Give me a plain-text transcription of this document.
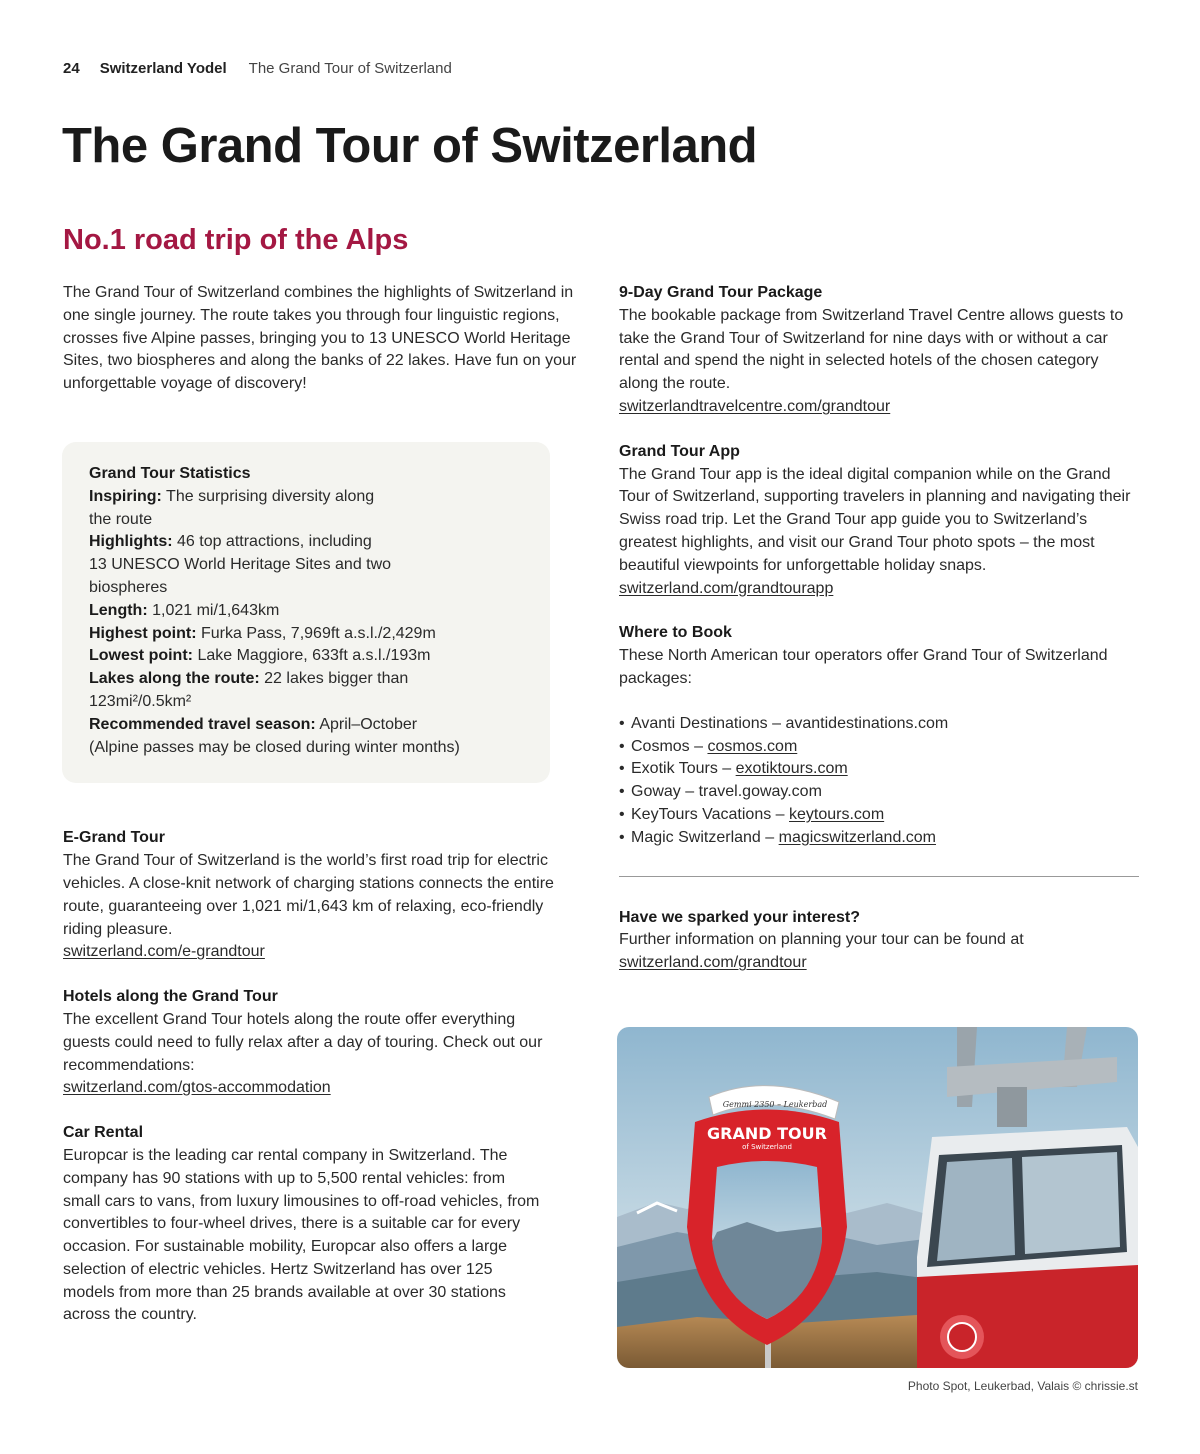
24 Switzerland Yodel The Grand Tour of Switzerland
The Grand Tour of Switzerland
No.1 road trip of the Alps
The Grand Tour of Switzerland combines the highlights of Switzerland in
one single journey. The route takes you through four linguistic regions,
crosses five Alpine passes, bringing you to 13 UNESCO World Heritage
Sites, two biospheres and along the banks of 22 lakes. Have fun on your
unforgettable voyage of discovery!
Grand Tour Statistics
Inspiring: The surprising diversity along
the route
Highlights: 46 top attractions, including
13 UNESCO World Heritage Sites and two
biospheres
Length: 1,021 mi/1,643km
Highest point: Furka Pass, 7,969ft a.s.l./2,429m
Lowest point: Lake Maggiore, 633ft a.s.l./193m
Lakes along the route: 22 lakes bigger than
123mi²/0.5km²
Recommended travel season: April–October
(Alpine passes may be closed during winter months)
E-Grand Tour
The Grand Tour of Switzerland is the world’s first road trip for electric
vehicles. A close-knit network of charging stations connects the entire
route, guaranteeing over 1,021 mi/1,643 km of relaxing, eco-friendly
riding pleasure.
switzerland.com/e-grandtour
Hotels along the Grand Tour
The excellent Grand Tour hotels along the route offer everything
guests could need to fully relax after a day of touring. Check out our
recommendations:
switzerland.com/gtos-accommodation
Car Rental
Europcar is the leading car rental company in Switzerland. The
company has 90 stations with up to 5,500 rental vehicles: from
small cars to vans, from luxury limousines to off-road vehicles, from
convertibles to four-wheel drives, there is a suitable car for every
occasion. For sustainable mobility, Europcar also offers a large
selection of electric vehicles. Hertz Switzerland has over 125
models from more than 25 brands available at over 30 stations
across the country.
9-Day Grand Tour Package
The bookable package from Switzerland Travel Centre allows guests to
take the Grand Tour of Switzerland for nine days with or without a car
rental and spend the night in selected hotels of the chosen category
along the route.
switzerlandtravelcentre.com/grandtour
Grand Tour App
The Grand Tour app is the ideal digital companion while on the Grand
Tour of Switzerland, supporting travelers in planning and navigating their
Swiss road trip. Let the Grand Tour app guide you to Switzerland’s
greatest highlights, and visit our Grand Tour photo spots – the most
beautiful viewpoints for unforgettable holiday snaps.
switzerland.com/grandtourapp
Where to Book
These North American tour operators offer Grand Tour of Switzerland
packages:
• Avanti Destinations – avantidestinations.com
• Cosmos – cosmos.com
• Exotik Tours – exotiktours.com
• Goway – travel.goway.com
• KeyTours Vacations – keytours.com
• Magic Switzerland – magicswitzerland.com
Have we sparked your interest?
Further information on planning your tour can be found at
switzerland.com/grandtour
Gemmi 2350 – Leukerbad
GRAND TOUR
of Switzerland
Photo Spot, Leukerbad, Valais © chrissie.st
